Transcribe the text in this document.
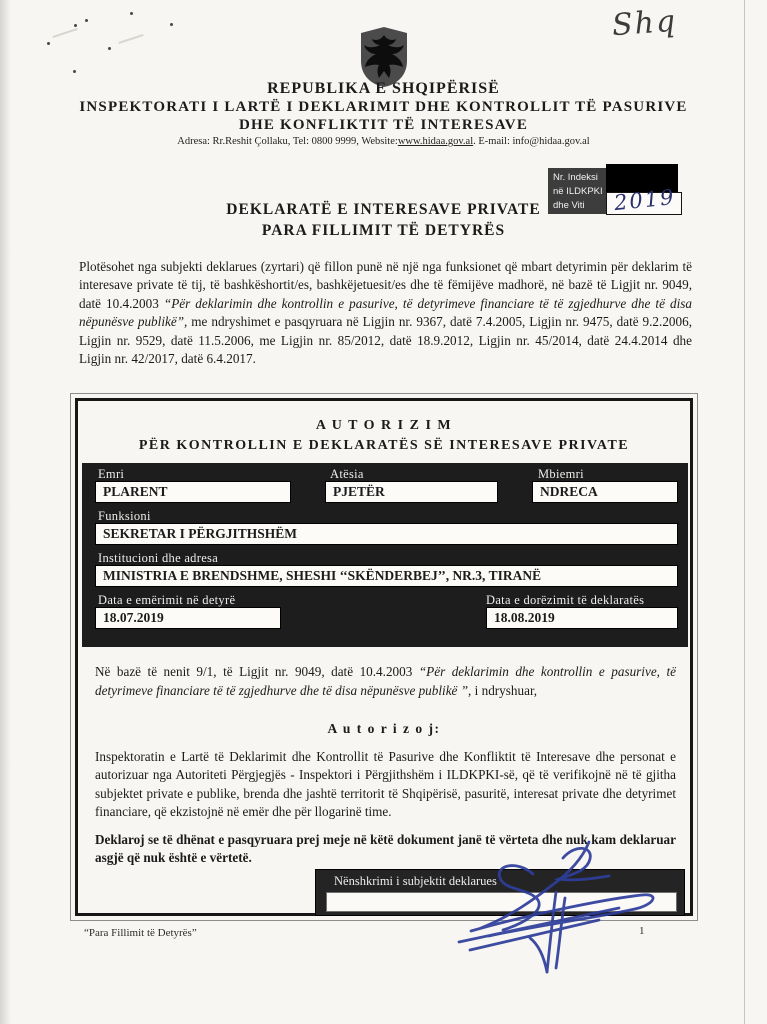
Shq
REPUBLIKA E SHQIPËRISË
INSPEKTORATI I LARTË I DEKLARIMIT DHE KONTROLLIT TË PASURIVE
DHE KONFLIKTIT TË INTERESAVE
Adresa: Rr.Reshit Çollaku, Tel: 0800 9999, Website:www.hidaa.gov.al. E-mail: info@hidaa.gov.al
Nr. Indeksi
në ILDKPKI
dhe Viti	2019
DEKLARATË E INTERESAVE PRIVATE
PARA FILLIMIT TË DETYRËS
Plotësohet nga subjekti deklarues (zyrtari) që fillon punë në një nga funksionet që mbart detyrimin për deklarim të interesave private të tij, të bashkëshortit/es, bashkëjetuesit/es dhe të fëmijëve madhorë, në bazë të Ligjit nr. 9049, datë 10.4.2003 “Për deklarimin dhe kontrollin e pasurive, të detyrimeve financiare të të zgjedhurve dhe të disa nëpunësve publikë”, me ndryshimet e pasqyruara në Ligjin nr. 9367, datë 7.4.2005, Ligjin nr. 9475, datë 9.2.2006, Ligjin nr. 9529, datë 11.5.2006, me Ligjin nr. 85/2012, datë 18.9.2012, Ligjin nr. 45/2014, datë 24.4.2014 dhe Ligjin nr. 42/2017, datë 6.4.2017.
A U T O R I Z I M
PËR KONTROLLIN E DEKLARATËS SË INTERESAVE PRIVATE
Emri
PLARENT
Atësia
PJETËR
Mbiemri
NDRECA
Funksioni
SEKRETAR I PËRGJITHSHËM
Institucioni dhe adresa
MINISTRIA E BRENDSHME, SHESHI ‘‘SKËNDERBEJ’’, NR.3, TIRANË
Data e emërimit në detyrë
18.07.2019
Data e dorëzimit të deklaratës
18.08.2019
Në bazë të nenit 9/1, të Ligjit nr. 9049, datë 10.4.2003 “Për deklarimin dhe kontrollin e pasurive, të detyrimeve financiare të të zgjedhurve dhe të disa nëpunësve publikë ”, i ndryshuar,
A u t o r i z o j:
Inspektoratin e Lartë të Deklarimit dhe Kontrollit të Pasurive dhe Konfliktit të Interesave dhe personat e autorizuar nga Autoriteti Përgjegjës - Inspektori i Përgjithshëm i ILDKPKI-së, që të verifikojnë në të gjitha subjektet private e publike, brenda dhe jashtë territorit të Shqipërisë, pasuritë, interesat private dhe detyrimet financiare, që ekzistojnë në emër dhe për llogarinë time.
Deklaroj se të dhënat e pasqyruara prej meje në këtë dokument janë të vërteta dhe nuk kam deklaruar asgjë që nuk është e vërtetë.
Nënshkrimi i subjektit deklarues
“Para Fillimit të Detyrës”	1
